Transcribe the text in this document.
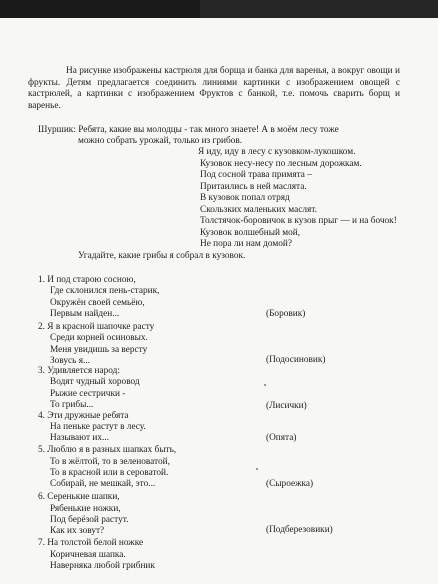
На рисунке изображены кастрюля для борща и банка для варенья, а вокруг овощи и фрукты. Детям предлагается соединить линиями картинки с изображением овощей с кастрюлей, а картинки с изображением Фруктов с банкой, т.е. помочь сварить борщ и варенье.
Шуршик: Ребята, какие вы молодцы - так много знаете! А в моём лесу тоже
можно собрать урожай, только из грибов.
Я иду, иду в лесу с кузовком-лукошком.
Кузовок несу-несу по лесным дорожкам.
Под сосной трава примята –
Притаились в ней маслята.
В кузовок попал отряд
Скользких маленьких маслят.
Толстячок-боровичок в кузов прыг — и на бочок!
Кузовок волшебный мой,
Не пора ли нам домой?
Угадайте, какие грибы я собрал в кузовок.
1. И под старою сосною,
Где склонился пень-старик,
Окружён своей семьёю,
Первым найден...	(Боровик)
2. Я в красной шапочке расту
Среди корней осиновых.
Меня увидишь за версту
Зовусь я...	(Подосиновик)
3. Удивляется народ:
Водят чудный хоровод
Рыжие сестрички -
То грибы...	(Лисички)
4. Эти дружные ребята
На пеньке растут в лесу.
Называют их...	(Опята)
5. Люблю я в разных шапках быть,
То в жёлтой, то в зеленоватой,
То в красной или в сероватой.
Собирай, не мешкай, это...	(Сыроежка)
6. Серенькие шапки,
Рябенькие ножки,
Под берёзой растут.
Как их зовут?	(Подберезовики)
7. На толстой белой ножке
Коричневая шапка.
Наверняка любой грибник
